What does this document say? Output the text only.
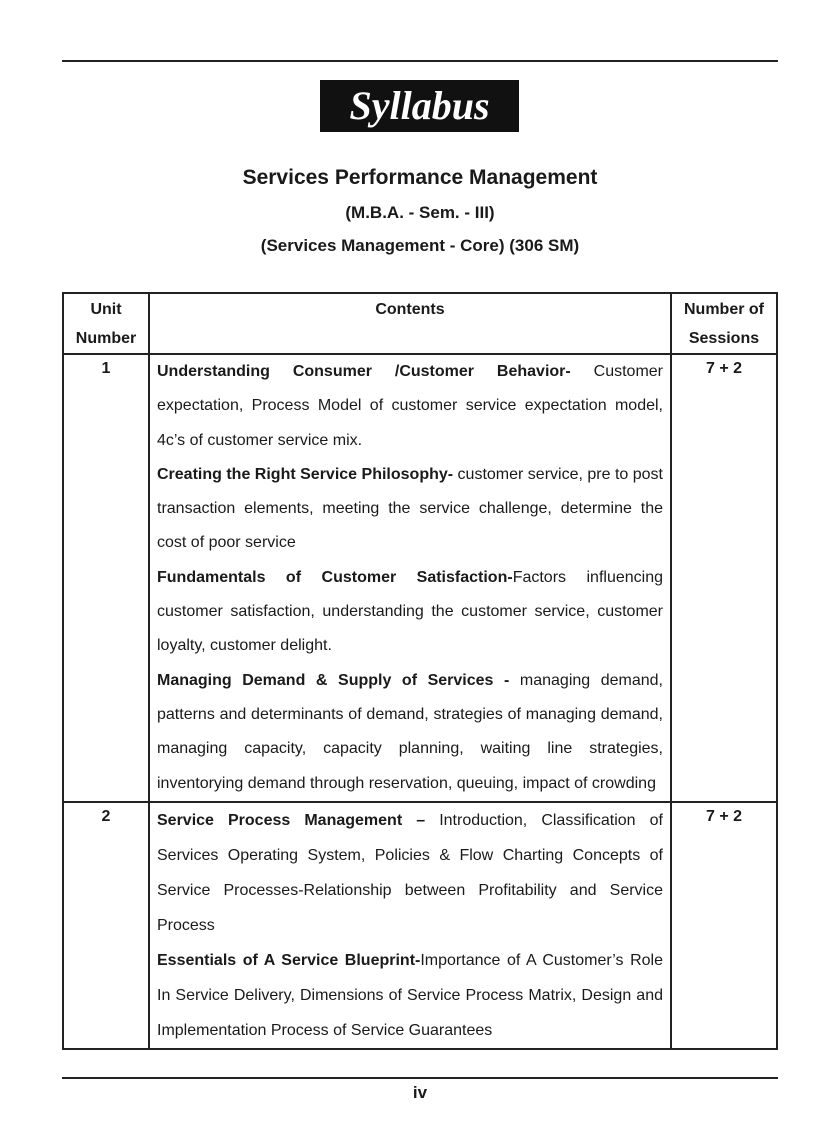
Syllabus
Services Performance Management
(M.B.A. - Sem. - III)
(Services Management - Core) (306 SM)
Unit Number	Contents	Number of Sessions
1	Understanding Consumer /Customer Behavior- Customer expectation, Process Model of customer service expectation model, 4c’s of customer service mix.

Creating the Right Service Philosophy- customer service, pre to post transaction elements, meeting the service challenge, determine the cost of poor service

Fundamentals of Customer Satisfaction-Factors influencing customer satisfaction, understanding the customer service, customer loyalty, customer delight.

Managing Demand & Supply of Services - managing demand, patterns and determinants of demand, strategies of managing demand, managing capacity, capacity planning, waiting line strategies, inventorying demand through reservation, queuing, impact of crowding	7 + 2
2	Service Process Management – Introduction, Classification of Services Operating System, Policies & Flow Charting Concepts of Service Processes-Relationship between Profitability and Service Process

Essentials of A Service Blueprint-Importance of A Customer’s Role In Service Delivery, Dimensions of Service Process Matrix, Design and Implementation Process of Service Guarantees	7 + 2
iv
